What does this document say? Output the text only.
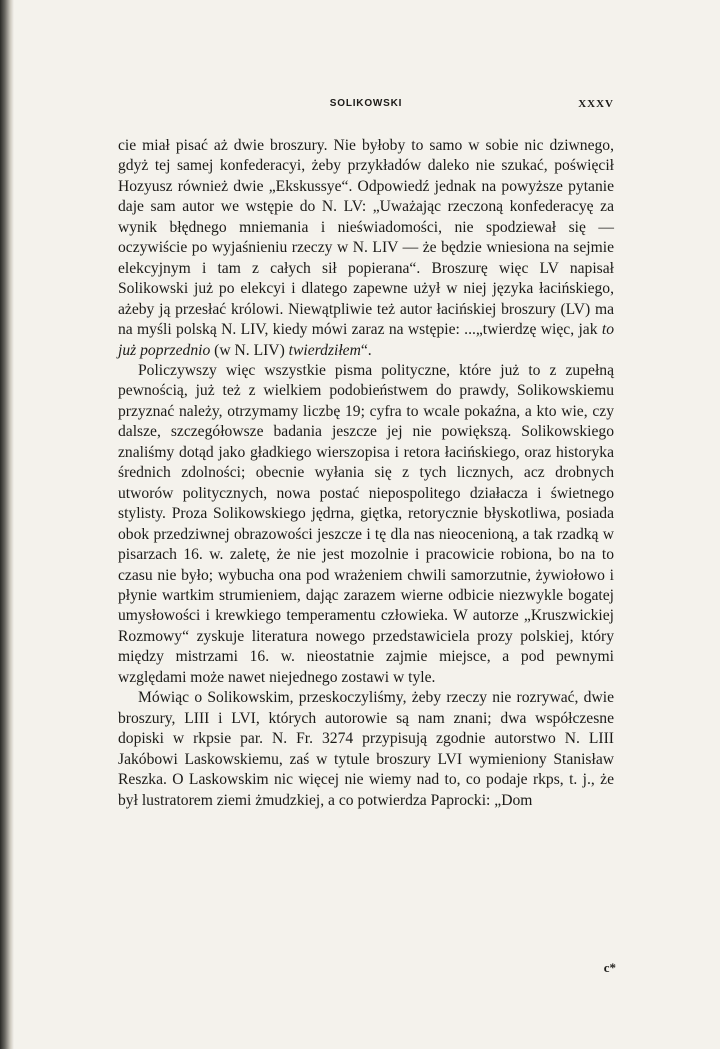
SOLIKOWSKI	XXXV

cie miał pisać aż dwie broszury. Nie byłoby to samo w sobie nic dziwnego, gdyż tej samej konfederacyi, żeby przykładów daleko nie szukać, poświęcił Hozyusz również dwie „Ekskussye“. Odpowiedź jednak na powyższe pytanie daje sam autor we wstępie do N. LV: „Uważając rzeczoną konfederacyę za wynik błędnego mniemania i nieświadomości, nie spodziewał się — oczywiście po wyjaśnieniu rzeczy w N. LIV — że będzie wniesiona na sejmie elekcyjnym i tam z całych sił popierana“. Broszurę więc LV napisał Solikowski już po elekcyi i dlatego zapewne użył w niej języka łacińskiego, ażeby ją przesłać królowi. Niewątpliwie też autor łacińskiej broszury (LV) ma na myśli polską N. LIV, kiedy mówi zaraz na wstępie: ...„twierdzę więc, jak to już poprzednio (w N. LIV) twierdziłem“.

Policzywszy więc wszystkie pisma polityczne, które już to z zupełną pewnością, już też z wielkiem podobieństwem do prawdy, Solikowskiemu przyznać należy, otrzymamy liczbę 19; cyfra to wcale pokaźna, a kto wie, czy dalsze, szczegółowsze badania jeszcze jej nie powiększą. Solikowskiego znaliśmy dotąd jako gładkiego wierszopisa i retora łacińskiego, oraz historyka średnich zdolności; obecnie wyłania się z tych licznych, acz drobnych utworów politycznych, nowa postać niepospolitego działacza i świetnego stylisty. Proza Solikowskiego jędrna, giętka, retorycznie błyskotliwa, posiada obok przedziwnej obrazowości jeszcze i tę dla nas nieocenioną, a tak rzadką w pisarzach 16. w. zaletę, że nie jest mozolnie i pracowicie robiona, bo na to czasu nie było; wybucha ona pod wrażeniem chwili samorzutnie, żywiołowo i płynie wartkim strumieniem, dając zarazem wierne odbicie niezwykle bogatej umysłowości i krewkiego temperamentu człowieka. W autorze „Kruszwickiej Rozmowy“ zyskuje literatura nowego przedstawiciela prozy polskiej, który między mistrzami 16. w. nieostatnie zajmie miejsce, a pod pewnymi względami może nawet niejednego zostawi w tyle.

Mówiąc o Solikowskim, przeskoczyliśmy, żeby rzeczy nie rozrywać, dwie broszury, LIII i LVI, których autorowie są nam znani; dwa współczesne dopiski w rkpsie par. N. Fr. 3274 przypisują zgodnie autorstwo N. LIII Jakóbowi Laskowskiemu, zaś w tytule broszury LVI wymieniony Stanisław Reszka. O Laskowskim nic więcej nie wiemy nad to, co podaje rkps, t. j., że był lustratorem ziemi żmudzkiej, a co potwierdza Paprocki: „Dom

c*
